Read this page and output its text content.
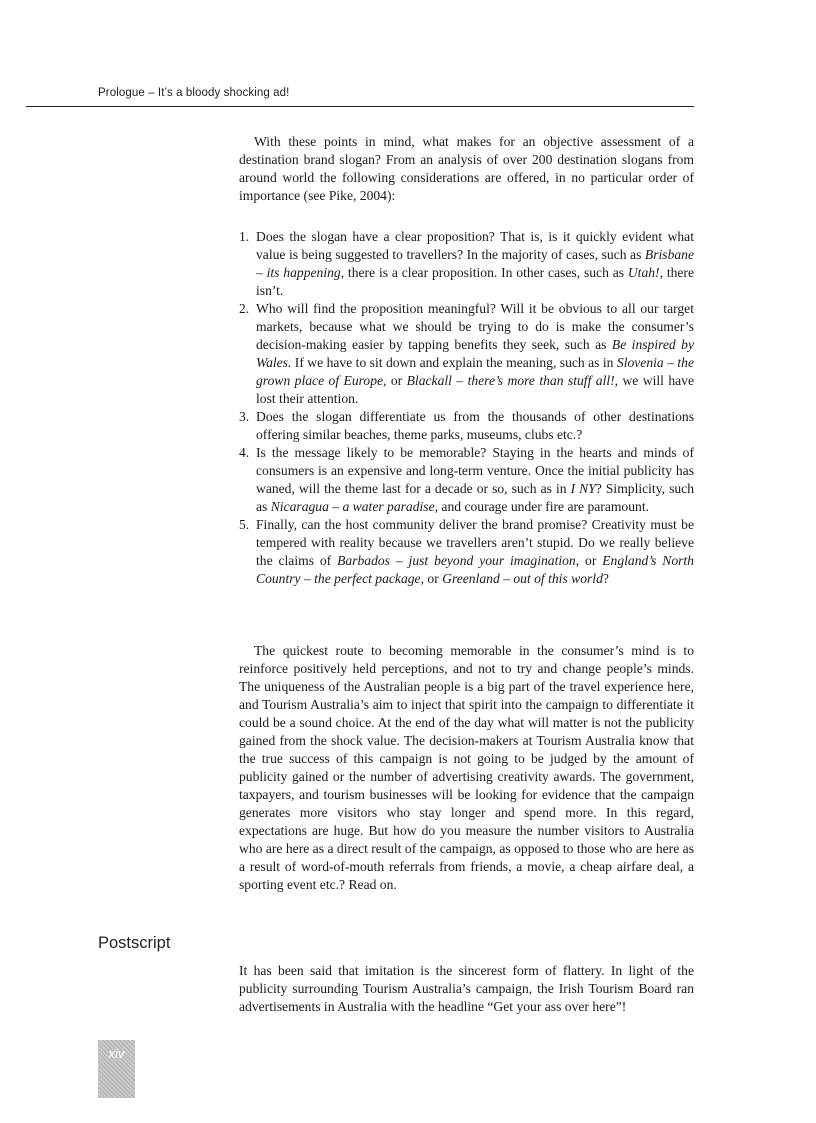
Prologue – It’s a bloody shocking ad!

With these points in mind, what makes for an objective assessment of a destination brand slogan? From an analysis of over 200 destination slogans from around world the following considerations are offered, in no particular order of importance (see Pike, 2004):

1. Does the slogan have a clear proposition? That is, is it quickly evident what value is being suggested to travellers? In the majority of cases, such as Brisbane – its happening, there is a clear proposition. In other cases, such as Utah!, there isn’t.
2. Who will find the proposition meaningful? Will it be obvious to all our target markets, because what we should be trying to do is make the consumer’s decision-making easier by tapping benefits they seek, such as Be inspired by Wales. If we have to sit down and explain the meaning, such as in Slovenia – the grown place of Europe, or Blackall – there’s more than stuff all!, we will have lost their attention.
3. Does the slogan differentiate us from the thousands of other destinations offering similar beaches, theme parks, museums, clubs etc.?
4. Is the message likely to be memorable? Staying in the hearts and minds of consumers is an expensive and long-term venture. Once the initial publicity has waned, will the theme last for a decade or so, such as in I NY? Simplicity, such as Nicaragua – a water paradise, and courage under fire are paramount.
5. Finally, can the host community deliver the brand promise? Creativity must be tempered with reality because we travellers aren’t stupid. Do we really believe the claims of Barbados – just beyond your imagination, or England’s North Country – the perfect package, or Greenland – out of this world?

The quickest route to becoming memorable in the consumer’s mind is to reinforce positively held perceptions, and not to try and change people’s minds. The uniqueness of the Australian people is a big part of the travel experience here, and Tourism Australia’s aim to inject that spirit into the campaign to differentiate it could be a sound choice. At the end of the day what will matter is not the publicity gained from the shock value. The decision-makers at Tourism Australia know that the true success of this campaign is not going to be judged by the amount of publicity gained or the number of advertising creativity awards. The government, taxpayers, and tourism businesses will be looking for evidence that the campaign generates more visitors who stay longer and spend more. In this regard, expectations are huge. But how do you measure the number visitors to Australia who are here as a direct result of the campaign, as opposed to those who are here as a result of word-of-mouth referrals from friends, a movie, a cheap airfare deal, a sporting event etc.? Read on.

Postscript

It has been said that imitation is the sincerest form of flattery. In light of the publicity surrounding Tourism Australia’s campaign, the Irish Tourism Board ran advertisements in Australia with the headline “Get your ass over here”!

xiv
